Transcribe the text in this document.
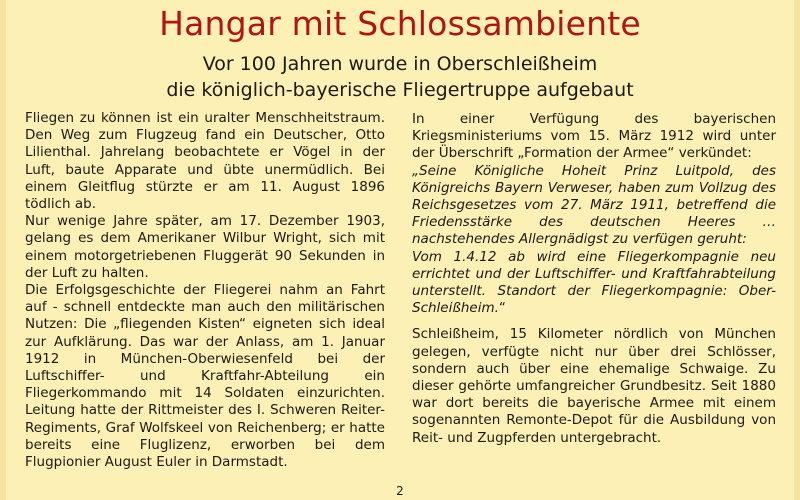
Hangar mit Schlossambiente
Vor 100 Jahren wurde in Oberschleißheim
die königlich-bayerische Fliegertruppe aufgebaut

Fliegen zu können ist ein uralter Menschheitstraum. Den Weg zum Flugzeug fand ein Deutscher, Otto Lilienthal. Jahrelang beobachtete er Vögel in der Luft, baute Apparate und übte unermüdlich. Bei einem Gleitflug stürzte er am 11. August 1896 tödlich ab.

Nur wenige Jahre später, am 17. Dezember 1903, gelang es dem Amerikaner Wilbur Wright, sich mit einem motorgetriebenen Fluggerät 90 Sekunden in der Luft zu halten.

Die Erfolgsgeschichte der Fliegerei nahm an Fahrt auf - schnell entdeckte man auch den militärischen Nutzen: Die „fliegenden Kisten“ eigneten sich ideal zur Aufklärung. Das war der Anlass, am 1. Januar 1912 in München-Oberwiesenfeld bei der Luftschiffer- und Kraftfahr-Abteilung ein Fliegerkommando mit 14 Soldaten einzurichten. Leitung hatte der Rittmeister des I. Schweren Reiter-Regiments, Graf Wolfskeel von Reichenberg; er hatte bereits eine Fluglizenz, erworben bei dem Flugpionier August Euler in Darmstadt.

In einer Verfügung des bayerischen Kriegsministeriums vom 15. März 1912 wird unter der Überschrift „Formation der Armee“ verkündet:

„Seine Königliche Hoheit Prinz Luitpold, des Königreichs Bayern Verweser, haben zum Vollzug des Reichsgesetzes vom 27. März 1911, betreffend die Friedensstärke des deutschen Heeres … nachstehendes Allergnädigst zu verfügen geruht:

Vom 1.4.12 ab wird eine Fliegerkompagnie neu errichtet und der Luftschiffer- und Kraftfahrabteilung unterstellt. Standort der Fliegerkompagnie: Ober-Schleißheim.“

Schleißheim, 15 Kilometer nördlich von München gelegen, verfügte nicht nur über drei Schlösser, sondern auch über eine ehemalige Schwaige. Zu dieser gehörte umfangreicher Grundbesitz. Seit 1880 war dort bereits die bayerische Armee mit einem sogenannten Remonte-Depot für die Ausbildung von Reit- und Zugpferden untergebracht.

2
